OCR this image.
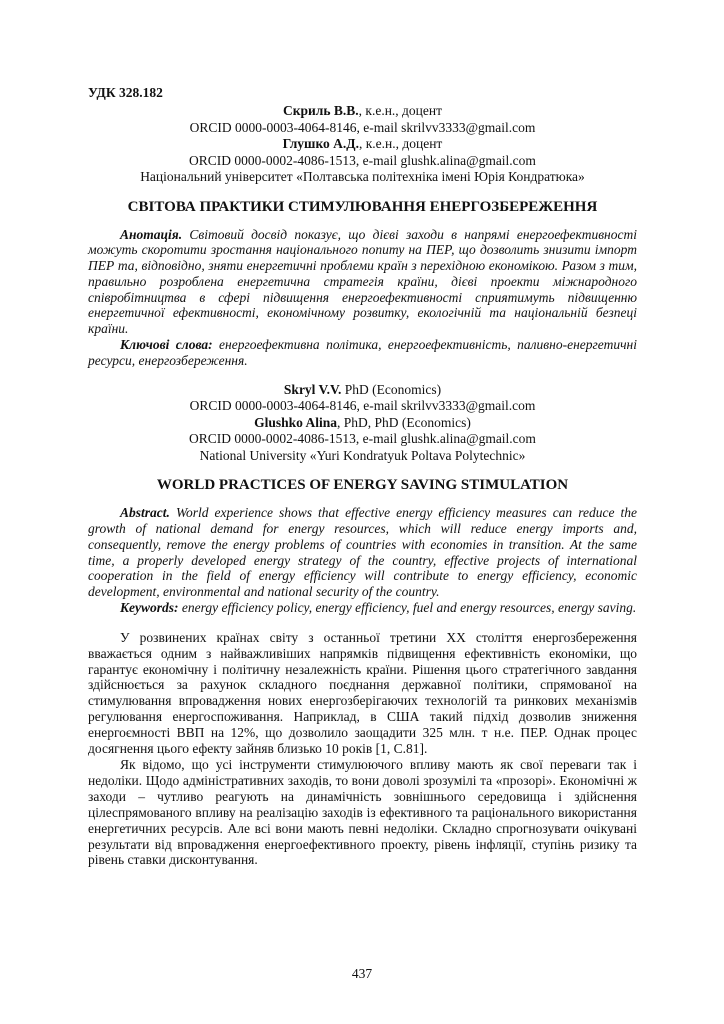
УДК 328.182
Скриль В.В., к.е.н., доцент
ORCID 0000-0003-4064-8146, e-mail skrilvv3333@gmail.com
Глушко А.Д., к.е.н., доцент
ORCID 0000-0002-4086-1513, e-mail glushk.alina@gmail.com
Національний університет «Полтавська політехніка імені Юрія Кондратюка»
СВІТОВА ПРАКТИКИ СТИМУЛЮВАННЯ ЕНЕРГОЗБЕРЕЖЕННЯ

Анотація. Світовий досвід показує, що дієві заходи в напрямі енергоефективності можуть скоротити зростання національного попиту на ПЕР, що дозволить знизити імпорт ПЕР та, відповідно, зняти енергетичні проблеми країн з перехідною економікою. Разом з тим, правильно розроблена енергетична стратегія країни, дієві проекти міжнародного співробітництва в сфері підвищення енергоефективності сприятимуть підвищенню енергетичної ефективності, економічному розвитку, екологічній та національній безпеці країни.

Ключові слова: енергоефективна політика, енергоефективність, паливно-енергетичні ресурси, енергозбереження.

Skryl V.V. PhD (Economics)
ORCID 0000-0003-4064-8146, e-mail skrilvv3333@gmail.com
Glushko Alina, PhD, PhD (Economics)
ORCID 0000-0002-4086-1513, e-mail glushk.alina@gmail.com
National University «Yuri Kondratyuk Poltava Polytechnic»
WORLD PRACTICES OF ENERGY SAVING STIMULATION

Abstract. World experience shows that effective energy efficiency measures can reduce the growth of national demand for energy resources, which will reduce energy imports and, consequently, remove the energy problems of countries with economies in transition. At the same time, a properly developed energy strategy of the country, effective projects of international cooperation in the field of energy efficiency will contribute to energy efficiency, economic development, environmental and national security of the country.

Keywords: energy efficiency policy, energy efficiency, fuel and energy resources, energy saving.

У розвинених країнах світу з останньої третини XX століття енергозбереження вважається одним з найважливіших напрямків підвищення ефективність економіки, що гарантує економічну і політичну незалежність країни. Рішення цього стратегічного завдання здійснюється за рахунок складного поєднання державної політики, спрямованої на стимулювання впровадження нових енергозберігаючих технологій та ринкових механізмів регулювання енергоспоживання. Наприклад, в США такий підхід дозволив зниження енергоємності ВВП на 12%, що дозволило заощадити 325 млн. т н.е. ПЕР. Однак процес досягнення цього ефекту зайняв близько 10 років [1, С.81].

Як відомо, що усі інструменти стимулюючого впливу мають як свої переваги так і недоліки. Щодо адміністративних заходів, то вони доволі зрозумілі та «прозорі». Економічні ж заходи – чутливо реагують на динамічність зовнішнього середовища і здійснення цілеспрямованого впливу на реалізацію заходів із ефективного та раціонального використання енергетичних ресурсів. Але всі вони мають певні недоліки. Складно спрогнозувати очікувані результати від впровадження енергоефективного проекту, рівень інфляції, ступінь ризику та рівень ставки дисконтування.

437
